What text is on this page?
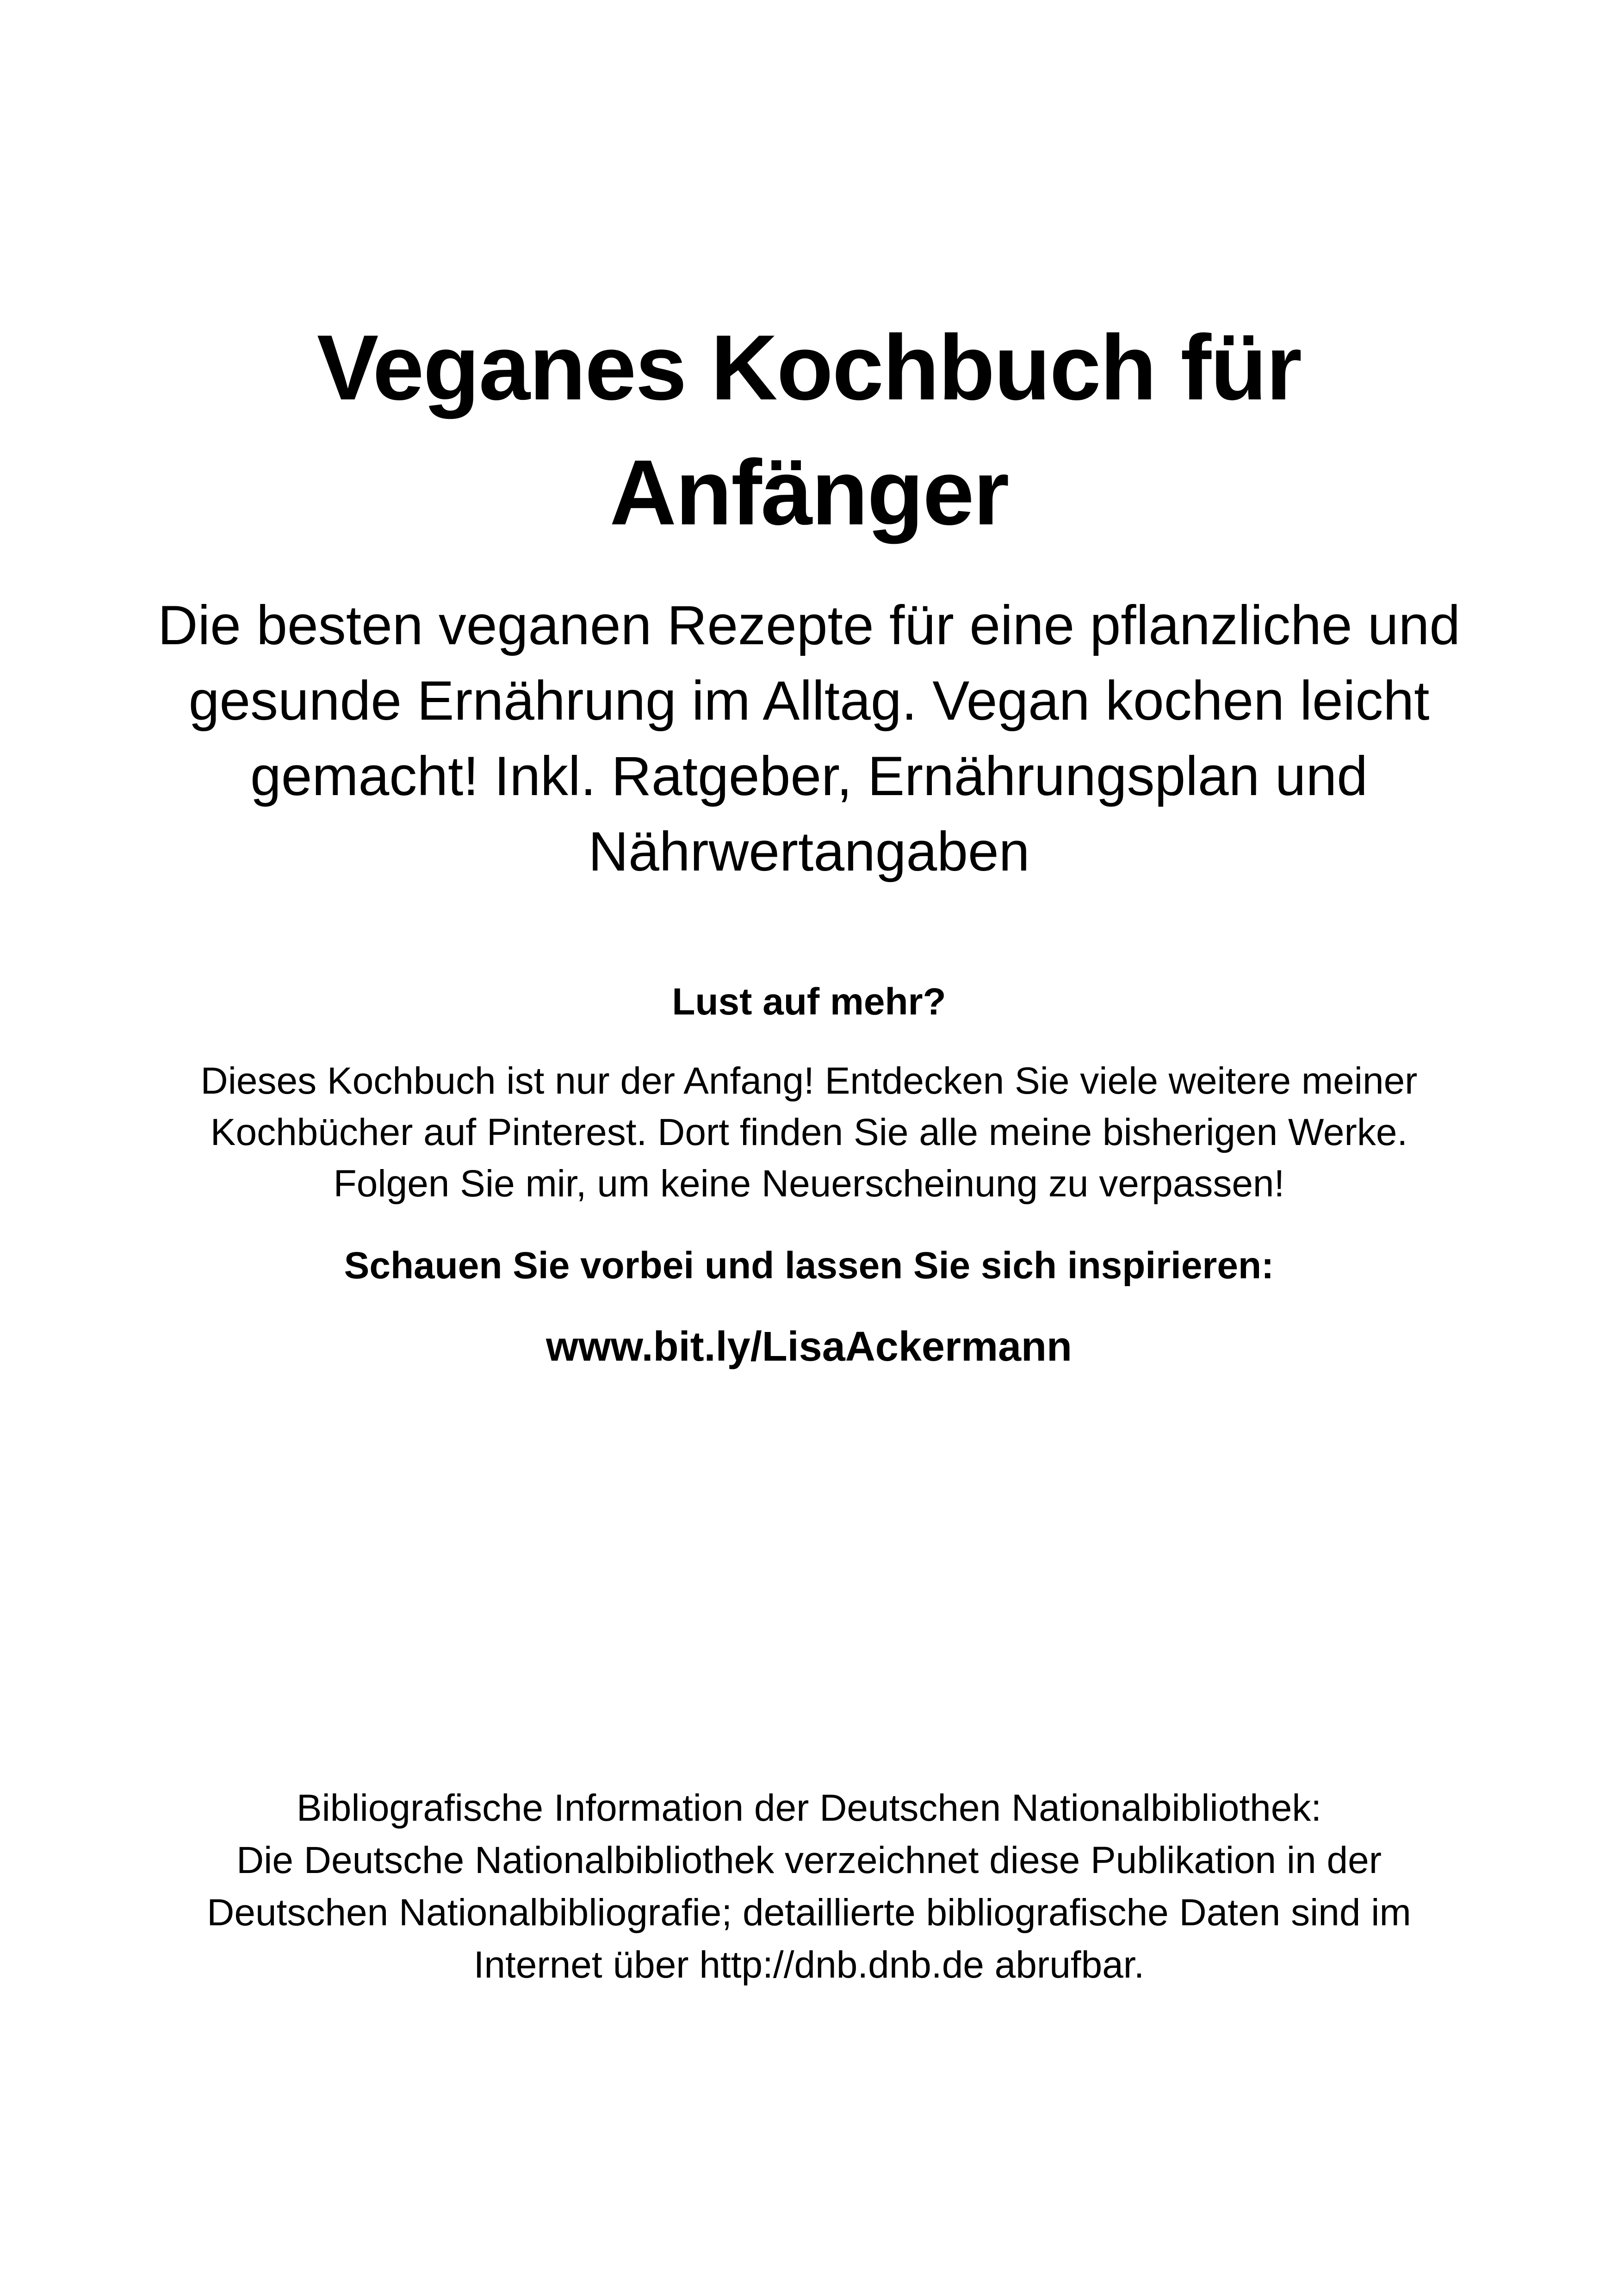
Veganes Kochbuch für
Anfänger
Die besten veganen Rezepte für eine pflanzliche und
gesunde Ernährung im Alltag. Vegan kochen leicht
gemacht! Inkl. Ratgeber, Ernährungsplan und
Nährwertangaben
Lust auf mehr?
Dieses Kochbuch ist nur der Anfang! Entdecken Sie viele weitere meiner
Kochbücher auf Pinterest. Dort finden Sie alle meine bisherigen Werke.
Folgen Sie mir, um keine Neuerscheinung zu verpassen!
Schauen Sie vorbei und lassen Sie sich inspirieren:
www.bit.ly/LisaAckermann
Bibliografische Information der Deutschen Nationalbibliothek:
Die Deutsche Nationalbibliothek verzeichnet diese Publikation in der
Deutschen Nationalbibliografie; detaillierte bibliografische Daten sind im
Internet über http://dnb.dnb.de abrufbar.
